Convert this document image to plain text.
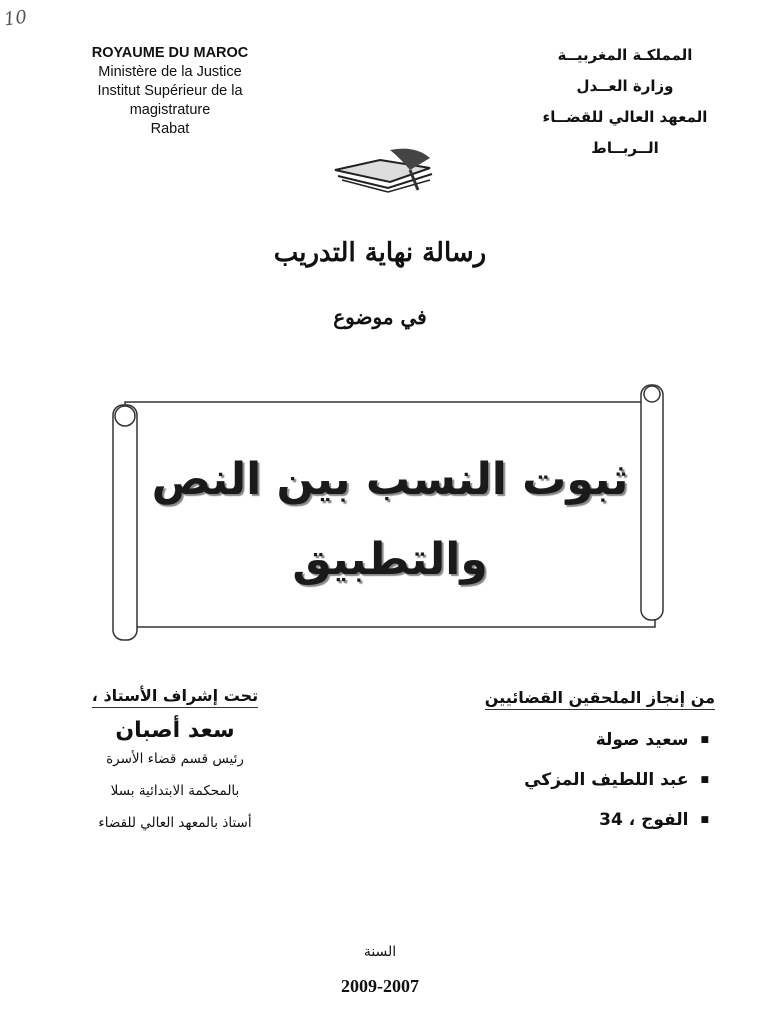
10
ROYAUME DU MAROC
Ministère de la Justice
Institut Supérieur de la
magistrature
Rabat
المملكـة المغربيــة
وزارة العــدل
المعهد العالي للقضــاء
الــربــاط
رسالة نهاية التدريب
في موضوع
ثبوت النسب بين النص
والتطبيق
تحت إشراف الأستاذ ،
سعد أصبان
رئيس قسم قضاء الأسرة
بالمحكمة الابتدائية بسلا
أستاذ بالمعهد العالي للقضاء
من إنجاز الملحقين القضائيين
■ سعيد صولة
■ عبد اللطيف المزكي
■ الفوج ، 34
السنة
2009-2007
